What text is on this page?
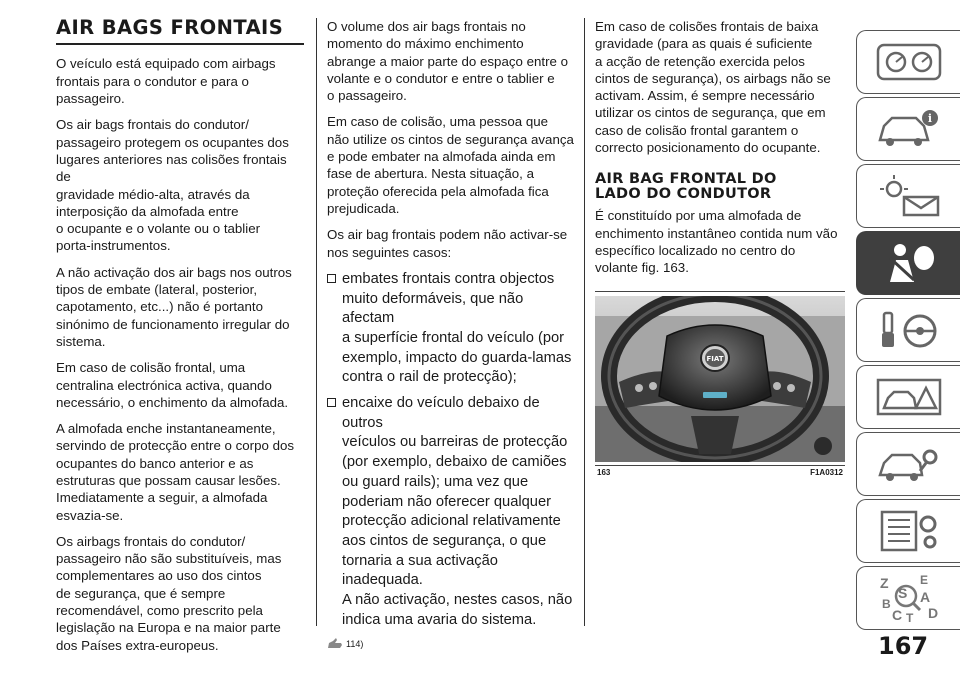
AIR BAGS FRONTAIS

O veículo está equipado com airbags
frontais para o condutor e para o
passageiro.

Os air bags frontais do condutor/
passageiro protegem os ocupantes dos
lugares anteriores nas colisões frontais de
gravidade médio-alta, através da
interposição da almofada entre
o ocupante e o volante ou o tablier
porta-instrumentos.

A não activação dos air bags nos outros
tipos de embate (lateral, posterior,
capotamento, etc...) não é portanto
sinónimo de funcionamento irregular do
sistema.

Em caso de colisão frontal, uma
centralina electrónica activa, quando
necessário, o enchimento da almofada.

A almofada enche instantaneamente,
servindo de protecção entre o corpo dos
ocupantes do banco anterior e as
estruturas que possam causar lesões.
Imediatamente a seguir, a almofada
esvazia-se.

Os airbags frontais do condutor/
passageiro não são substituíveis, mas
complementares ao uso dos cintos
de segurança, que é sempre
recomendável, como prescrito pela
legislação na Europa e na maior parte
dos Países extra-europeus.

O volume dos air bags frontais no
momento do máximo enchimento
abrange a maior parte do espaço entre o
volante e o condutor e entre o tablier e
o passageiro.

Em caso de colisão, uma pessoa que
não utilize os cintos de segurança avança
e pode embater na almofada ainda em
fase de abertura. Nesta situação, a
proteção oferecida pela almofada fica
prejudicada.

Os air bag frontais podem não activar-se
nos seguintes casos:

embates frontais contra objectos
muito deformáveis, que não afectam
a superfície frontal do veículo (por
exemplo, impacto do guarda-lamas
contra o rail de protecção);
encaixe do veículo debaixo de outros
veículos ou barreiras de protecção
(por exemplo, debaixo de camiões
ou guard rails); uma vez que
poderiam não oferecer qualquer
protecção adicional relativamente
aos cintos de segurança, o que
tornaria a sua activação inadequada.
A não activação, nestes casos, não
indica uma avaria do sistema.
114)

Em caso de colisões frontais de baixa
gravidade (para as quais é suficiente
a acção de retenção exercida pelos
cintos de segurança), os airbags não se
activam. Assim, é sempre necessário
utilizar os cintos de segurança, que em
caso de colisão frontal garantem o
correcto posicionamento do ocupante.

AIR BAG FRONTAL DO
LADO DO CONDUTOR

É constituído por uma almofada de
enchimento instantâneo contida num vão
específico localizado no centro do
volante fig. 163.

FIAT
163	F1A0312
i
Z	E
S A
B
C T D
167
